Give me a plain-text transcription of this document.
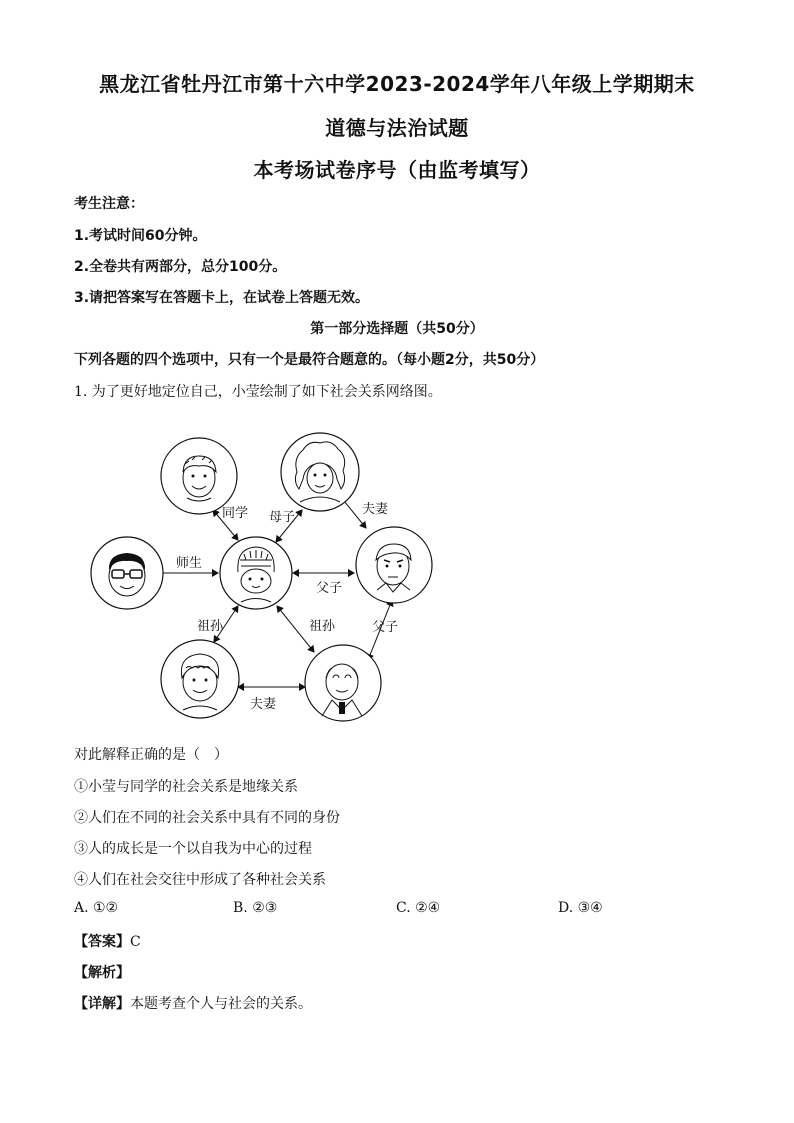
黑龙江省牡丹江市第十六中学2023-2024学年八年级上学期期末
道德与法治试题
本考场试卷序号（由监考填写）
考生注意：
1.考试时间60分钟。
2.全卷共有两部分，总分100分。
3.请把答案写在答题卡上，在试卷上答题无效。
第一部分选择题（共50分）
下列各题的四个选项中，只有一个是最符合题意的。（每小题2分，共50分）
1. 为了更好地定位自己，小莹绘制了如下社会关系网络图。
同学 母子
夫妻
师生
父子
祖孙	祖孙	父子
夫妻
对此解释正确的是（　）
①小莹与同学的社会关系是地缘关系
②人们在不同的社会关系中具有不同的身份
③人的成长是一个以自我为中心的过程
④人们在社会交往中形成了各种社会关系
A. ①②	B. ②③	C. ②④	D. ③④
【答案】C
【解析】
【详解】本题考查个人与社会的关系。
